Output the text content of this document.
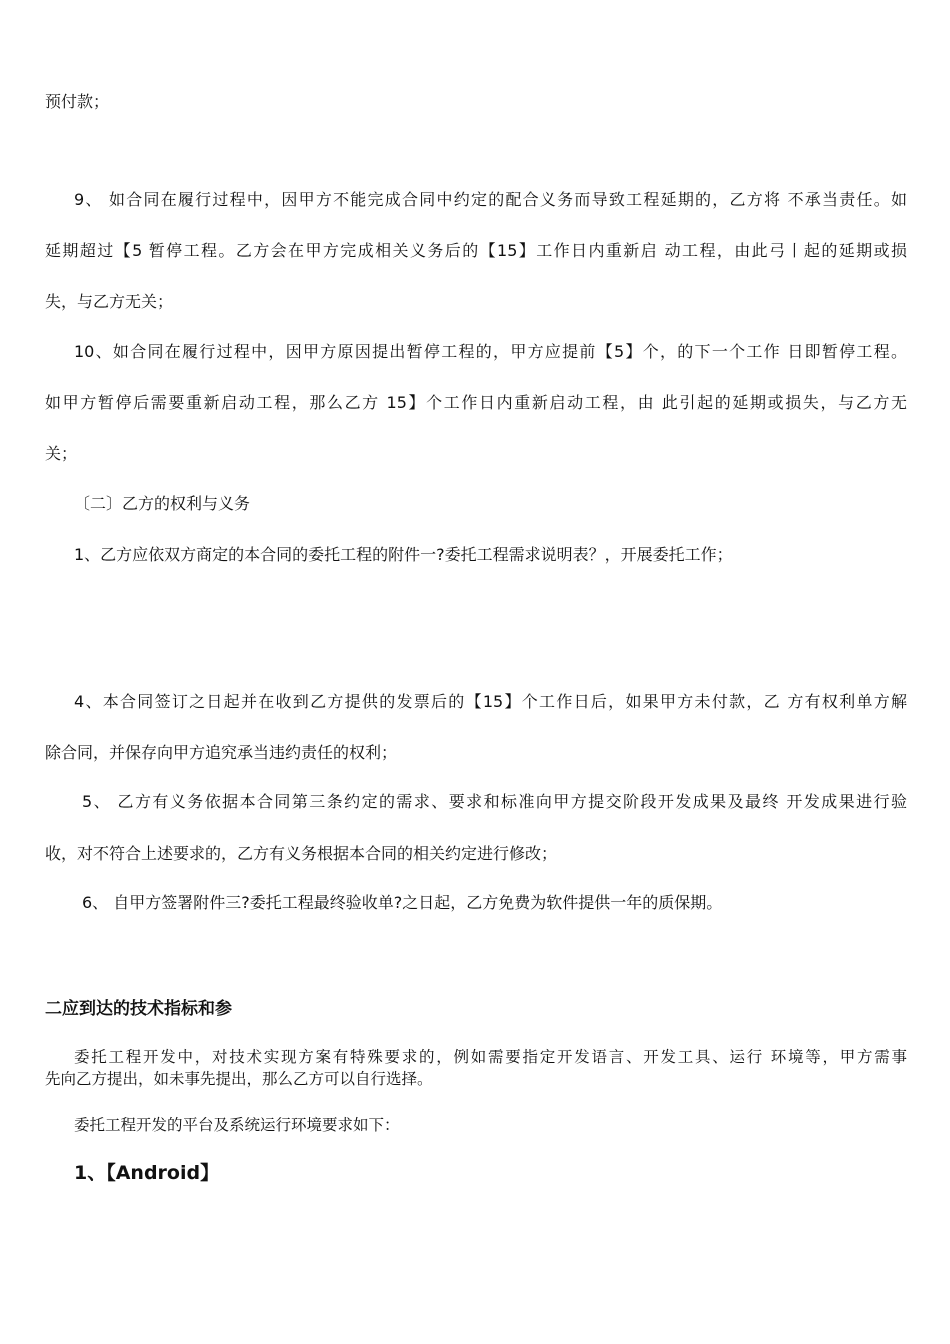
预付款；
9、 如合同在履行过程中，因甲方不能完成合同中约定的配合义务而导致工程延期的，乙方将 不承当责任。如
延期超过【5 暂停工程。乙方会在甲方完成相关义务后的【15】工作日内重新启 动工程，由此弓丨起的延期或损
失，与乙方无关；
10、如合同在履行过程中，因甲方原因提出暂停工程的，甲方应提前【5】个，的下一个工作 日即暂停工程。
如甲方暂停后需要重新启动工程，那么乙方 15】个工作日内重新启动工程，由 此引起的延期或损失，与乙方无
关；
〔二〕乙方的权利与义务
1、乙方应依双方商定的本合同的委托工程的附件一?委托工程需求说明表？，开展委托工作；
4、本合同签订之日起并在收到乙方提供的发票后的【15】个工作日后，如果甲方未付款，乙 方有权利单方解
除合同，并保存向甲方追究承当违约责任的权利；
5、 乙方有义务依据本合同第三条约定的需求、要求和标准向甲方提交阶段开发成果及最终 开发成果进行验
收，对不符合上述要求的，乙方有义务根据本合同的相关约定进行修改；
6、 自甲方签署附件三?委托工程最终验收单?之日起，乙方免费为软件提供一年的质保期。
二应到达的技术指标和参
委托工程开发中，对技术实现方案有特殊要求的，例如需要指定开发语言、开发工具、运行 环境等，甲方需事
先向乙方提出，如未事先提出，那么乙方可以自行选择。
委托工程开发的平台及系统运行环境要求如下：
1、【Android】
